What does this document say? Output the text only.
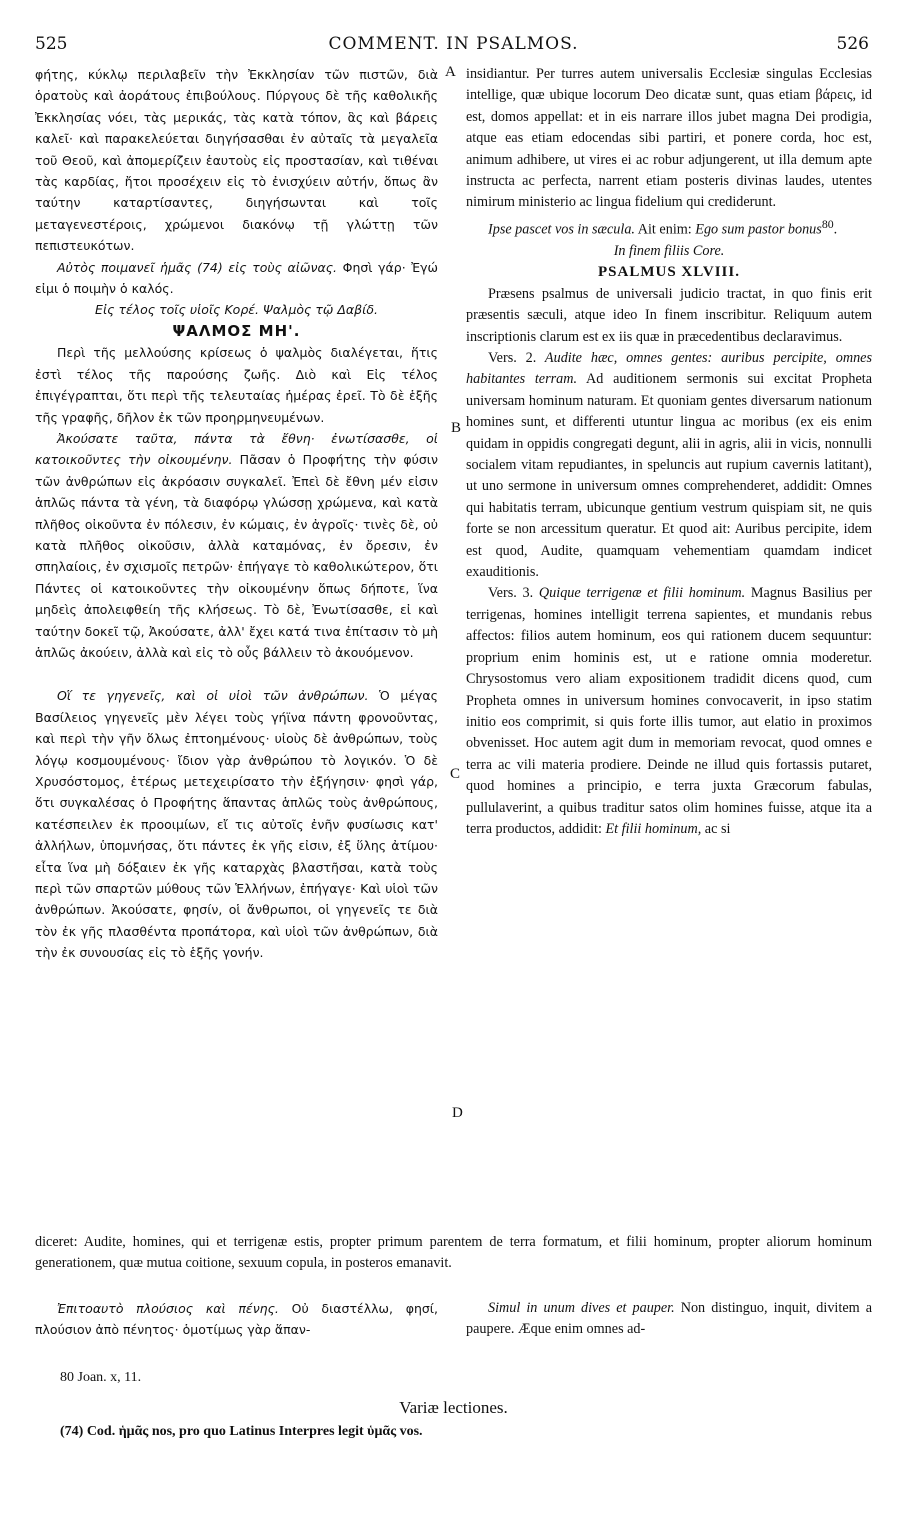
525	COMMENT. IN PSALMOS.	526
A
B
C
D

φήτης, κύκλῳ περιλαβεῖν τὴν Ἐκκλησίαν τῶν πιστῶν, διὰ ὁρατοὺς καὶ ἀοράτους ἐπιβούλους. Πύργους δὲ τῆς καθολικῆς Ἐκκλησίας νόει, τὰς μερικάς, τὰς κατὰ τόπον, ἃς καὶ βάρεις καλεῖ· καὶ παρακελεύεται διηγήσασθαι ἐν αὐταῖς τὰ μεγαλεῖα τοῦ Θεοῦ, καὶ ἀπομερίζειν ἑαυτοὺς εἰς προστασίαν, καὶ τιθέναι τὰς καρδίας, ἤτοι προσέχειν εἰς τὸ ἐνισχύειν αὐτήν, ὅπως ἂν ταύτην καταρτίσαντες, διηγήσωνται καὶ τοῖς μεταγενεστέροις, χρώμενοι διακόνῳ τῇ γλώττῃ τῶν πεπιστευκότων.

Αὐτὸς ποιμανεῖ ἡμᾶς (74) εἰς τοὺς αἰῶνας. Φησὶ γάρ· Ἐγώ εἰμι ὁ ποιμὴν ὁ καλός.

Εἰς τέλος τοῖς υἱοῖς Κορέ. Ψαλμὸς τῷ Δαβίδ.

ΨΑΛΜΟΣ ΜΗ'.

Περὶ τῆς μελλούσης κρίσεως ὁ ψαλμὸς διαλέγεται, ἥτις ἐστὶ τέλος τῆς παρούσης ζωῆς. Διὸ καὶ Εἰς τέλος ἐπιγέγραπται, ὅτι περὶ τῆς τελευταίας ἡμέρας ἐρεῖ. Τὸ δὲ ἑξῆς τῆς γραφῆς, δῆλον ἐκ τῶν προηρμηνευμένων.

Ἀκούσατε ταῦτα, πάντα τὰ ἔθνη· ἐνωτίσασθε, οἱ κατοικοῦντες τὴν οἰκουμένην. Πᾶσαν ὁ Προφήτης τὴν φύσιν τῶν ἀνθρώπων εἰς ἀκρόασιν συγκαλεῖ. Ἐπεὶ δὲ ἔθνη μέν εἰσιν ἁπλῶς πάντα τὰ γένη, τὰ διαφόρῳ γλώσσῃ χρώμενα, καὶ κατὰ πλῆθος οἰκοῦντα ἐν πόλεσιν, ἐν κώμαις, ἐν ἀγροῖς· τινὲς δὲ, οὐ κατὰ πλῆθος οἰκοῦσιν, ἀλλὰ καταμόνας, ἐν ὄρεσιν, ἐν σπηλαίοις, ἐν σχισμοῖς πετρῶν· ἐπήγαγε τὸ καθολικώτερον, ὅτι Πάντες οἱ κατοικοῦντες τὴν οἰκουμένην ὅπως δήποτε, ἵνα μηδεὶς ἀπολειφθείη τῆς κλήσεως. Τὸ δὲ, Ἐνωτίσασθε, εἰ καὶ ταύτην δοκεῖ τῷ, Ἀκούσατε, ἀλλ' ἔχει κατά τινα ἐπίτασιν τὸ μὴ ἁπλῶς ἀκούειν, ἀλλὰ καὶ εἰς τὸ οὖς βάλλειν τὸ ἀκουόμενον.

Οἵ τε γηγενεῖς, καὶ οἱ υἱοὶ τῶν ἀνθρώπων. Ὁ μέγας Βασίλειος γηγενεῖς μὲν λέγει τοὺς γήϊνα πάντη φρονοῦντας, καὶ περὶ τὴν γῆν ὅλως ἐπτοημένους· υἱοὺς δὲ ἀνθρώπων, τοὺς λόγῳ κοσμουμένους· ἴδιον γὰρ ἀνθρώπου τὸ λογικόν. Ὁ δὲ Χρυσόστομος, ἑτέρως μετεχειρίσατο τὴν ἐξήγησιν· φησὶ γάρ, ὅτι συγκαλέσας ὁ Προφήτης ἅπαντας ἁπλῶς τοὺς ἀνθρώπους, κατέσπειλεν ἐκ προοιμίων, εἴ τις αὐτοῖς ἐνῆν φυσίωσις κατ' ἀλλήλων, ὑπομνήσας, ὅτι πάντες ἐκ γῆς εἰσιν, ἐξ ὕλης ἀτίμου· εἶτα ἵνα μὴ δόξαιεν ἐκ γῆς καταρχὰς βλαστῆσαι, κατὰ τοὺς περὶ τῶν σπαρτῶν μύθους τῶν Ἑλλήνων, ἐπήγαγε· Καὶ υἱοὶ τῶν ἀνθρώπων. Ἀκούσατε, φησίν, οἱ ἄνθρωποι, οἱ γηγενεῖς τε διὰ τὸν ἐκ γῆς πλασθέντα προπάτορα, καὶ υἱοὶ τῶν ἀνθρώπων, διὰ τὴν ἐκ συνουσίας εἰς τὸ ἑξῆς γονήν.

insidiantur. Per turres autem universalis Ecclesiæ singulas Ecclesias intellige, quæ ubique locorum Deo dicatæ sunt, quas etiam βάρεις, id est, domos appellat: et in eis narrare illos jubet magna Dei prodigia, atque eas etiam edocendas sibi partiri, et ponere corda, hoc est, animum adhibere, ut vires ei ac robur adjungerent, ut illa demum apte instructa ac perfecta, narrent etiam posteris divinas laudes, utentes nimirum ministerio ac lingua fidelium qui crediderunt.

Ipse pascet vos in sæcula. Ait enim: Ego sum pastor bonus$^{80}$.

In finem filiis Core.

PSALMUS XLVIII.

Præsens psalmus de universali judicio tractat, in quo finis erit præsentis sæculi, atque ideo In finem inscribitur. Reliquum autem inscriptionis clarum est ex iis quæ in præcedentibus declaravimus.

Vers. 2. Audite hæc, omnes gentes: auribus percipite, omnes habitantes terram. Ad auditionem sermonis sui excitat Propheta universam hominum naturam. Et quoniam gentes diversarum nationum homines sunt, et differenti utuntur lingua ac moribus (ex eis enim quidam in oppidis congregati degunt, alii in agris, alii in vicis, nonnulli socialem vitam repudiantes, in speluncis aut rupium cavernis latitant), ut uno sermone in universum omnes comprehenderet, addidit: Omnes qui habitatis terram, ubicunque gentium vestrum quispiam sit, ne quis forte se non arcessitum queratur. Et quod ait: Auribus percipite, idem est quod, Audite, quamquam vehementiam quamdam indicet exauditionis.

Vers. 3. Quique terrigenæ et filii hominum. Magnus Basilius per terrigenas, homines intelligit terrena sapientes, et mundanis rebus affectos: filios autem hominum, eos qui rationem ducem sequuntur: proprium enim hominis est, ut e ratione omnia moderetur. Chrysostomus vero aliam expositionem tradidit dicens quod, cum Propheta omnes in universum homines convocaverit, in ipso statim initio eos comprimit, si quis forte illis tumor, aut elatio in proximos obvenisset. Hoc autem agit dum in memoriam revocat, quod omnes e terra ac vili materia prodiere. Deinde ne illud quis fortassis putaret, quod homines a principio, e terra juxta Græcorum fabulas, pullulaverint, a quibus traditur satos olim homines fuisse, atque ita a terra productos, addidit: Et filii hominum, ac si

diceret: Audite, homines, qui et terrigenæ estis, propter primum parentem de terra formatum, et filii hominum, propter aliorum hominum generationem, quæ mutua coitione, sexuum copula, in posteros emanavit.

Ἐπιτοαυτὸ πλούσιος καὶ πένης. Οὐ διαστέλλω, φησί, πλούσιον ἀπὸ πένητος· ὁμοτίμως γὰρ ἅπαν-

Simul in unum dives et pauper. Non distinguo, inquit, divitem a paupere. Æque enim omnes ad-

80 Joan. x, 11.
Variæ lectiones.
(74) Cod. ἡμᾶς nos, pro quo Latinus Interpres legit ὑμᾶς vos.
